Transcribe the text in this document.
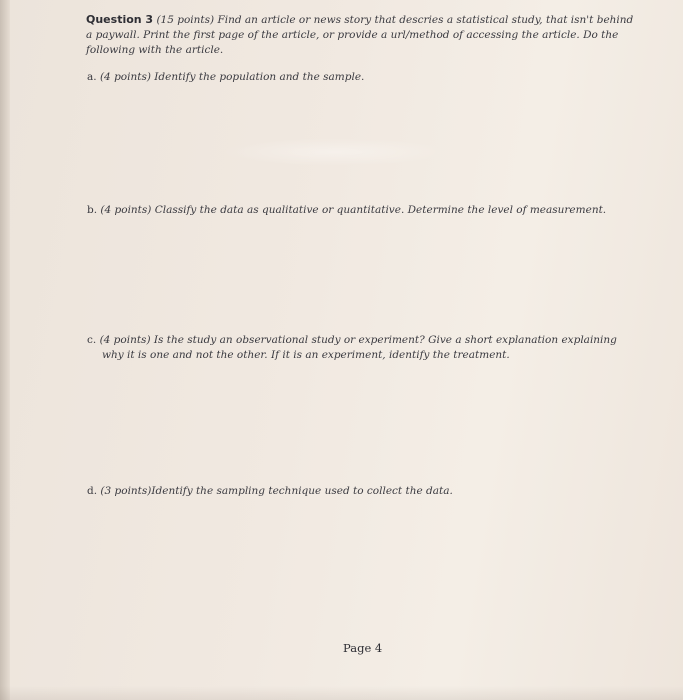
Question 3 (15 points) Find an article or news story that descries a statistical study, that isn't behind
a paywall. Print the first page of the article, or provide a url/method of accessing the article. Do the
following with the article.
a. (4 points) Identify the population and the sample.
b. (4 points) Classify the data as qualitative or quantitative. Determine the level of measurement.
c. (4 points) Is the study an observational study or experiment? Give a short explanation explaining
why it is one and not the other. If it is an experiment, identify the treatment.
d. (3 points)Identify the sampling technique used to collect the data.
Page 4
